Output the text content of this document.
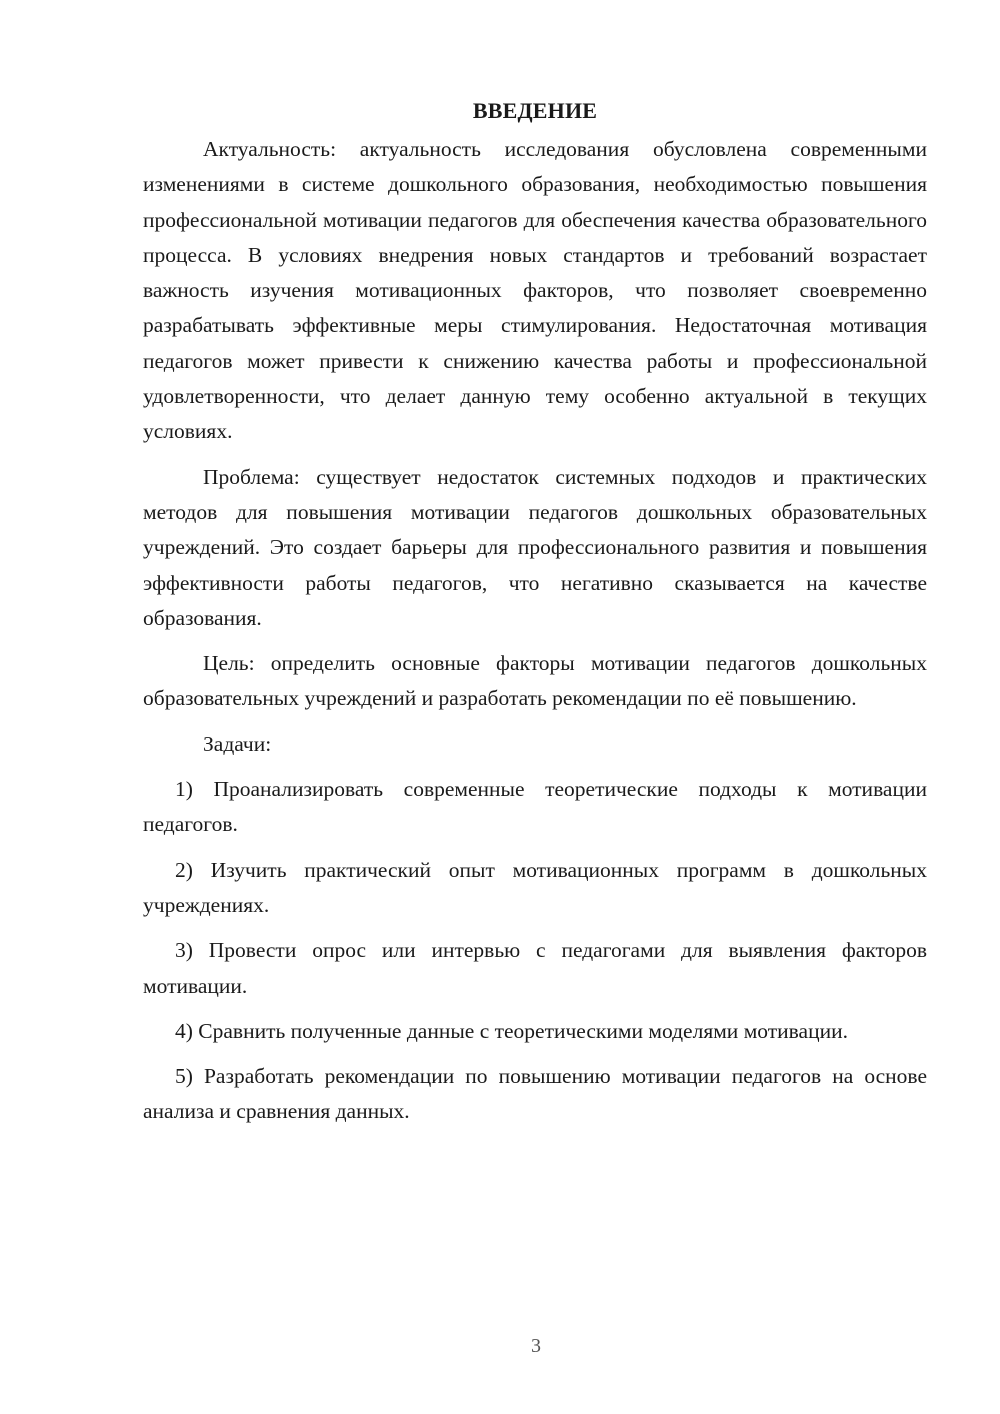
ВВЕДЕНИЕ

Актуальность: актуальность исследования обусловлена современными изменениями в системе дошкольного образования, необходимостью повышения профессиональной мотивации педагогов для обеспечения качества образовательного процесса. В условиях внедрения новых стандартов и требований возрастает важность изучения мотивационных факторов, что позволяет своевременно разрабатывать эффективные меры стимулирования. Недостаточная мотивация педагогов может привести к снижению качества работы и профессиональной удовлетворенности, что делает данную тему особенно актуальной в текущих условиях.

Проблема: существует недостаток системных подходов и практических методов для повышения мотивации педагогов дошкольных образовательных учреждений. Это создает барьеры для профессионального развития и повышения эффективности работы педагогов, что негативно сказывается на качестве образования.

Цель: определить основные факторы мотивации педагогов дошкольных образовательных учреждений и разработать рекомендации по её повышению.

Задачи:

1) Проанализировать современные теоретические подходы к мотивации педагогов.

2) Изучить практический опыт мотивационных программ в дошкольных учреждениях.

3) Провести опрос или интервью с педагогами для выявления факторов мотивации.

4) Сравнить полученные данные с теоретическими моделями мотивации.

5) Разработать рекомендации по повышению мотивации педагогов на основе анализа и сравнения данных.

3
